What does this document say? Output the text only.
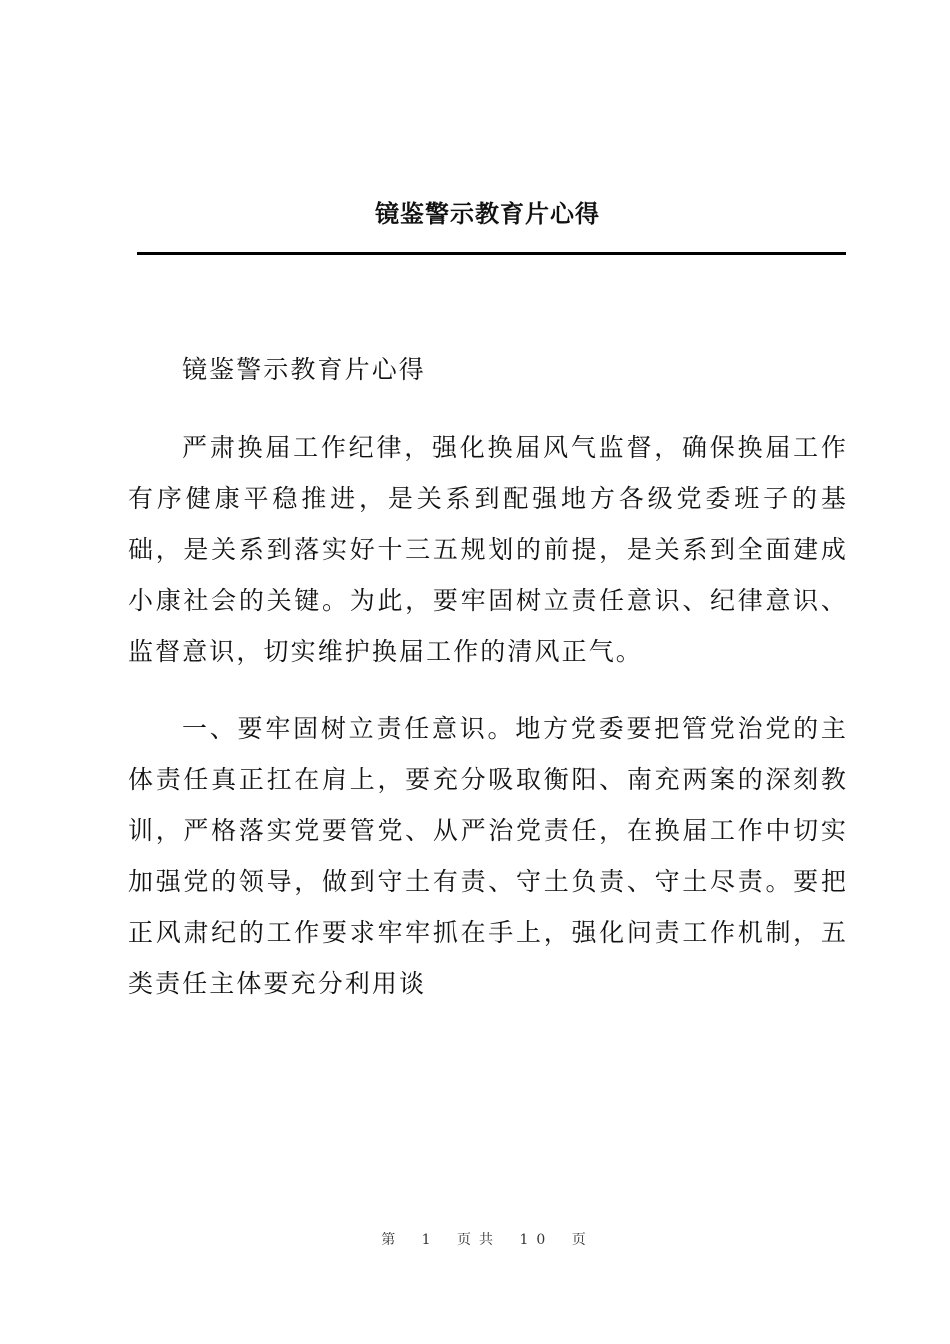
镜鉴警示教育片心得

镜鉴警示教育片心得

严肃换届工作纪律，强化换届风气监督，确保换届工作有序健康平稳推进，是关系到配强地方各级党委班子的基础，是关系到落实好十三五规划的前提，是关系到全面建成小康社会的关键。为此，要牢固树立责任意识、纪律意识、监督意识，切实维护换届工作的清风正气。

一、要牢固树立责任意识。地方党委要把管党治党的主体责任真正扛在肩上，要充分吸取衡阳、南充两案的深刻教训，严格落实党要管党、从严治党责任，在换届工作中切实加强党的领导，做到守土有责、守土负责、守土尽责。要把正风肃纪的工作要求牢牢抓在手上，强化问责工作机制，五类责任主体要充分利用谈

第 1 页共 10 页
